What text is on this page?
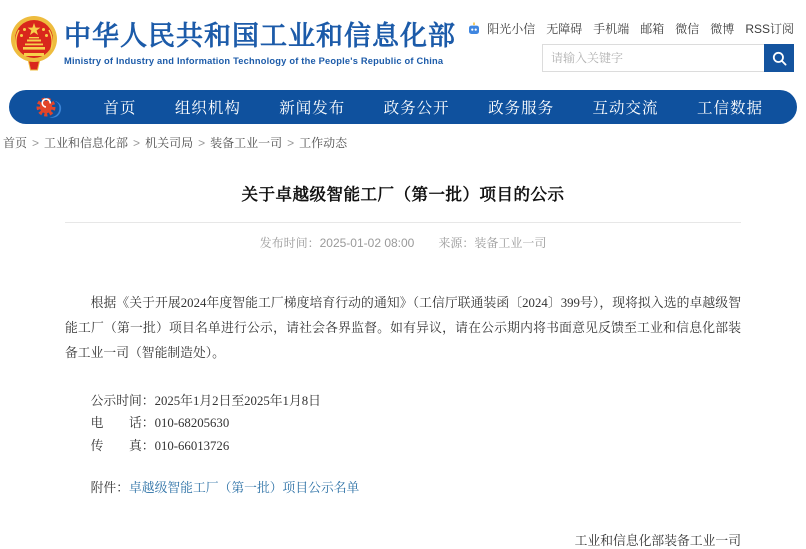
中华人民共和国工业和信息化部
Ministry of Industry and Information Technology of the People's Republic of China
阳光小信 无障碍 手机端 邮箱 微信 微博 RSS订阅
请输入关键字
首页 组织机构 新闻发布 政务公开 政务服务 互动交流 工信数据
首页 > 工业和信息化部 > 机关司局 > 装备工业一司 > 工作动态
关于卓越级智能工厂（第一批）项目的公示
发布时间：2025-01-02 08:00 来源：装备工业一司

根据《关于开展2024年度智能工厂梯度培育行动的通知》（工信厅联通装函〔2024〕399号），现将拟入选的卓越级智能工厂（第一批）项目名单进行公示，请社会各界监督。如有异议，请在公示期内将书面意见反馈至工业和信息化部装备工业一司（智能制造处）。

公示时间：2025年1月2日至2025年1月8日
电　　话：010-68205630
传　　真：010-66013726
附件：卓越级智能工厂（第一批）项目公示名单
工业和信息化部装备工业一司
